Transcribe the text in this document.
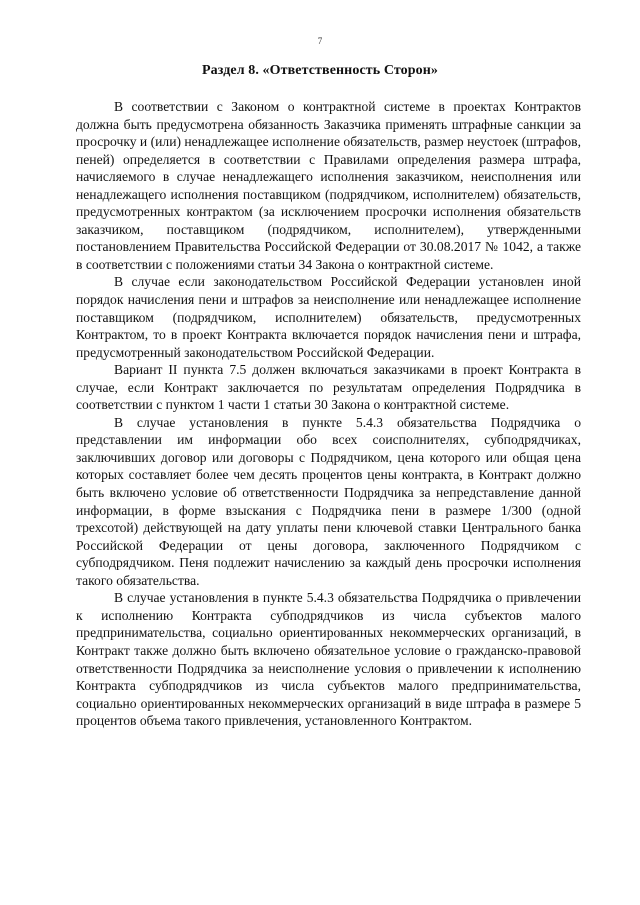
7
Раздел 8. «Ответственность Сторон»

В соответствии с Законом о контрактной системе в проектах Контрактов должна быть предусмотрена обязанность Заказчика применять штрафные санкции за просрочку и (или) ненадлежащее исполнение обязательств, размер неустоек (штрафов, пеней) определяется в соответствии с Правилами определения размера штрафа, начисляемого в случае ненадлежащего исполнения заказчиком, неисполнения или ненадлежащего исполнения поставщиком (подрядчиком, исполнителем) обязательств, предусмотренных контрактом (за исключением просрочки исполнения обязательств заказчиком, поставщиком (подрядчиком, исполнителем), утвержденными постановлением Правительства Российской Федерации от 30.08.2017 № 1042, а также в соответствии с положениями статьи 34 Закона о контрактной системе.

В случае если законодательством Российской Федерации установлен иной порядок начисления пени и штрафов за неисполнение или ненадлежащее исполнение поставщиком (подрядчиком, исполнителем) обязательств, предусмотренных Контрактом, то в проект Контракта включается порядок начисления пени и штрафа, предусмотренный законодательством Российской Федерации.

Вариант II пункта 7.5 должен включаться заказчиками в проект Контракта в случае, если Контракт заключается по результатам определения Подрядчика в соответствии с пунктом 1 части 1 статьи 30 Закона о контрактной системе.

В случае установления в пункте 5.4.3 обязательства Подрядчика о представлении им информации обо всех соисполнителях, субподрядчиках, заключивших договор или договоры с Подрядчиком, цена которого или общая цена которых составляет более чем десять процентов цены контракта, в Контракт должно быть включено условие об ответственности Подрядчика за непредставление данной информации, в форме взыскания с Подрядчика пени в размере 1/300 (одной трехсотой) действующей на дату уплаты пени ключевой ставки Центрального банка Российской Федерации от цены договора, заключенного Подрядчиком с субподрядчиком. Пеня подлежит начислению за каждый день просрочки исполнения такого обязательства.

В случае установления в пункте 5.4.3 обязательства Подрядчика о привлечении к исполнению Контракта субподрядчиков из числа субъектов малого предпринимательства, социально ориентированных некоммерческих организаций, в Контракт также должно быть включено обязательное условие о гражданско-правовой ответственности Подрядчика за неисполнение условия о привлечении к исполнению Контракта субподрядчиков из числа субъектов малого предпринимательства, социально ориентированных некоммерческих организаций в виде штрафа в размере 5 процентов объема такого привлечения, установленного Контрактом.
